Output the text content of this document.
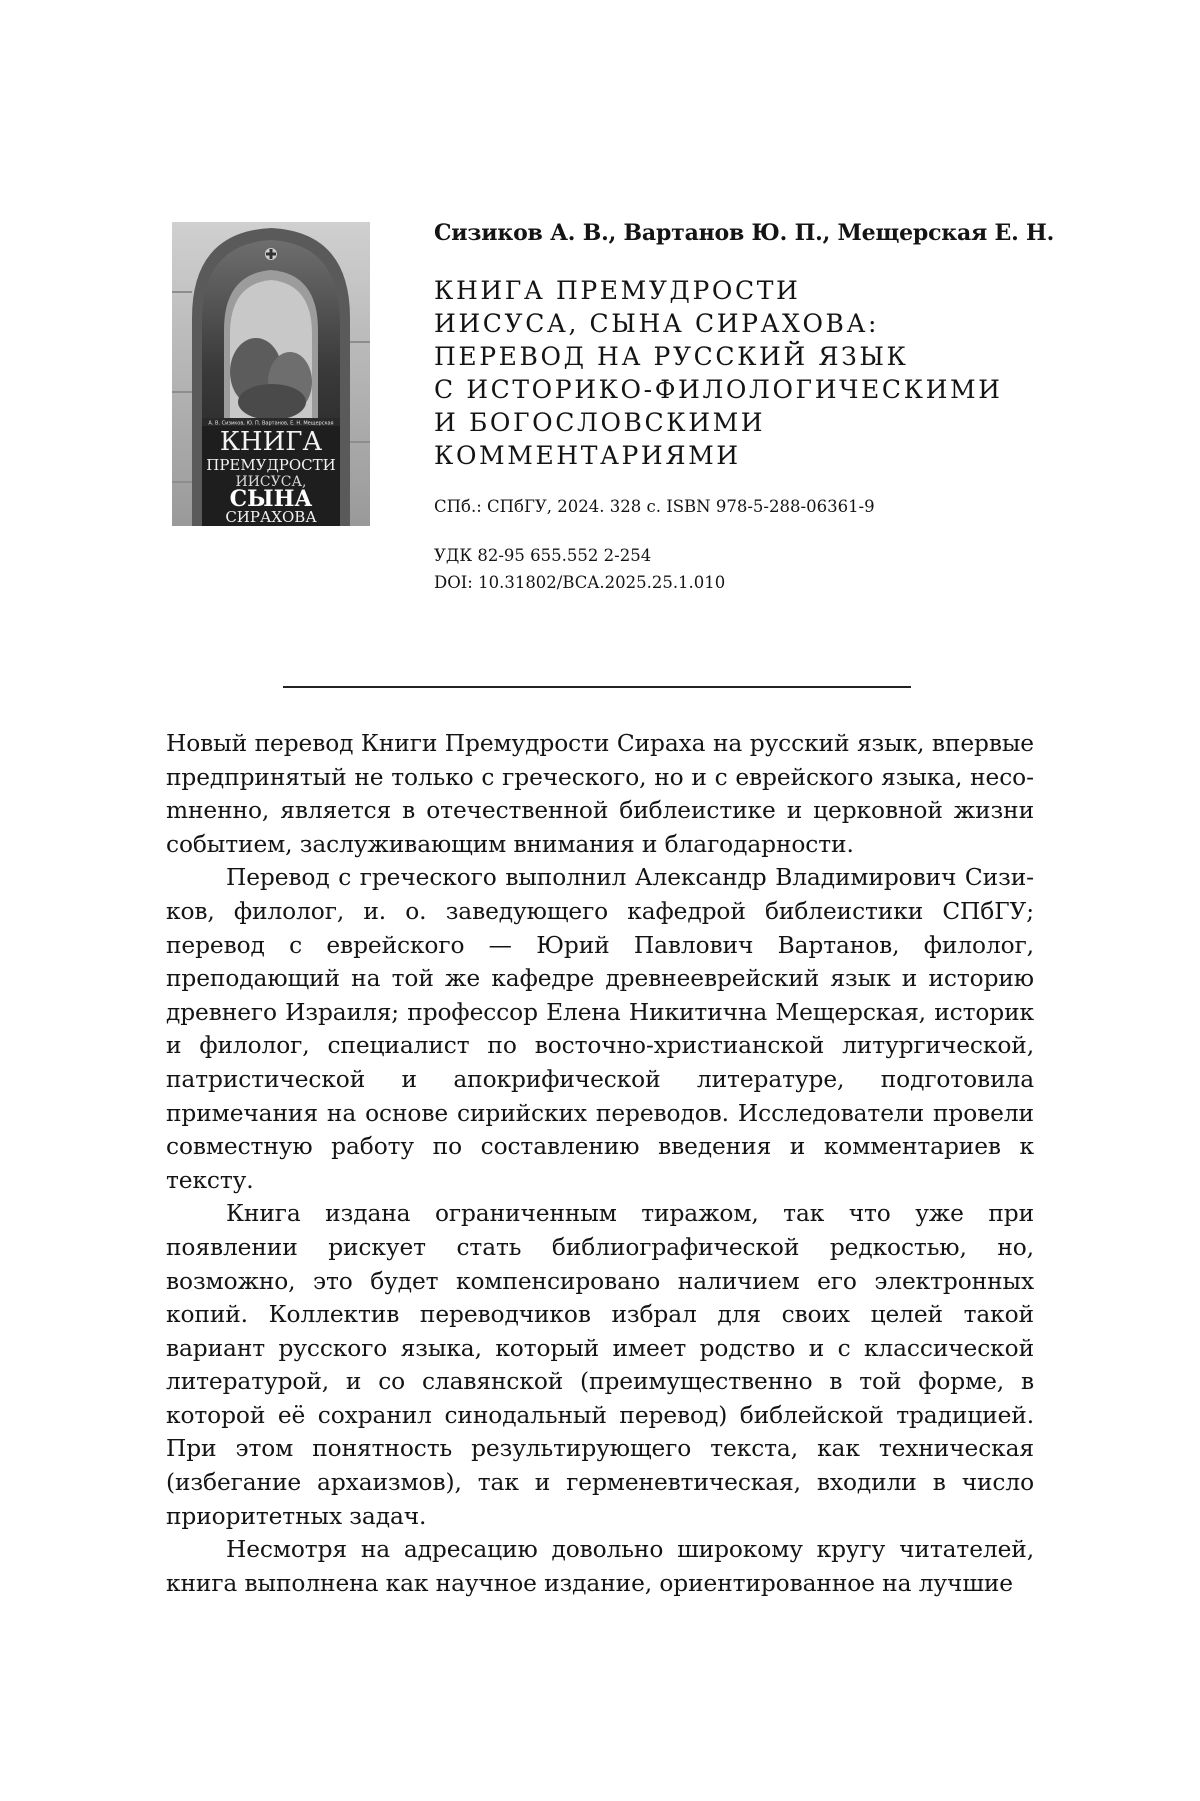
А. В. Сизиков, Ю. П. Вартанов, Е. Н. Мещерская
КНИГА
ПРЕМУДРОСТИ
ИИСУСА,
СЫНА
СИРАХОВА
Сизиков А. В., Вартанов Ю. П., Мещерская Е. Н.
КНИГА ПРЕМУДРОСТИ
ИИСУСА, СЫНА СИРАХОВА:
ПЕРЕВОД НА РУССКИЙ ЯЗЫК
С ИСТОРИКО-ФИЛОЛОГИЧЕСКИМИ
И БОГОСЛОВСКИМИ
КОММЕНТАРИЯМИ
СПб.: СПбГУ, 2024. 328 с. ISBN 978-5-288-06361-9
УДК 82-95 655.552 2-254
DOI: 10.31802/BCA.2025.25.1.010

Новый перевод Книги Премудрости Сираха на русский язык, впервые предпринятый не только с греческого, но и с еврейского языка, несоmненно, является в отечественной библеистике и церковной жизни событием, заслуживающим внимания и благодарности.

Перевод с греческого выполнил Александр Владимирович Сизиков, филолог, и. о. заведующего кафедрой библеистики СПбГУ; перевод с еврейского — Юрий Павлович Вартанов, филолог, преподающий на той же кафедре древнееврейский язык и историю древнего Израиля; профессор Елена Никитична Мещерская, историк и филолог, специалист по восточно-христианской литургической, патристической и апокрифической литературе, подготовила примечания на основе сирийских переводов. Исследователи провели совместную работу по составлению введения и комментариев к тексту.

Книга издана ограниченным тиражом, так что уже при появлении рискует стать библиографической редкостью, но, возможно, это будет компенсировано наличием его электронных копий. Коллектив переводчиков избрал для своих целей такой вариант русского языка, который имеет родство и с классической литературой, и со славянской (преимущественно в той форме, в которой её сохранил синодальный перевод) библейской традицией. При этом понятность результирующего текста, как техническая (избегание архаизмов), так и герменевтическая, входили в число приоритетных задач.

Несмотря на адресацию довольно широкому кругу читателей, книга выполнена как научное издание, ориентированное на лучшие
